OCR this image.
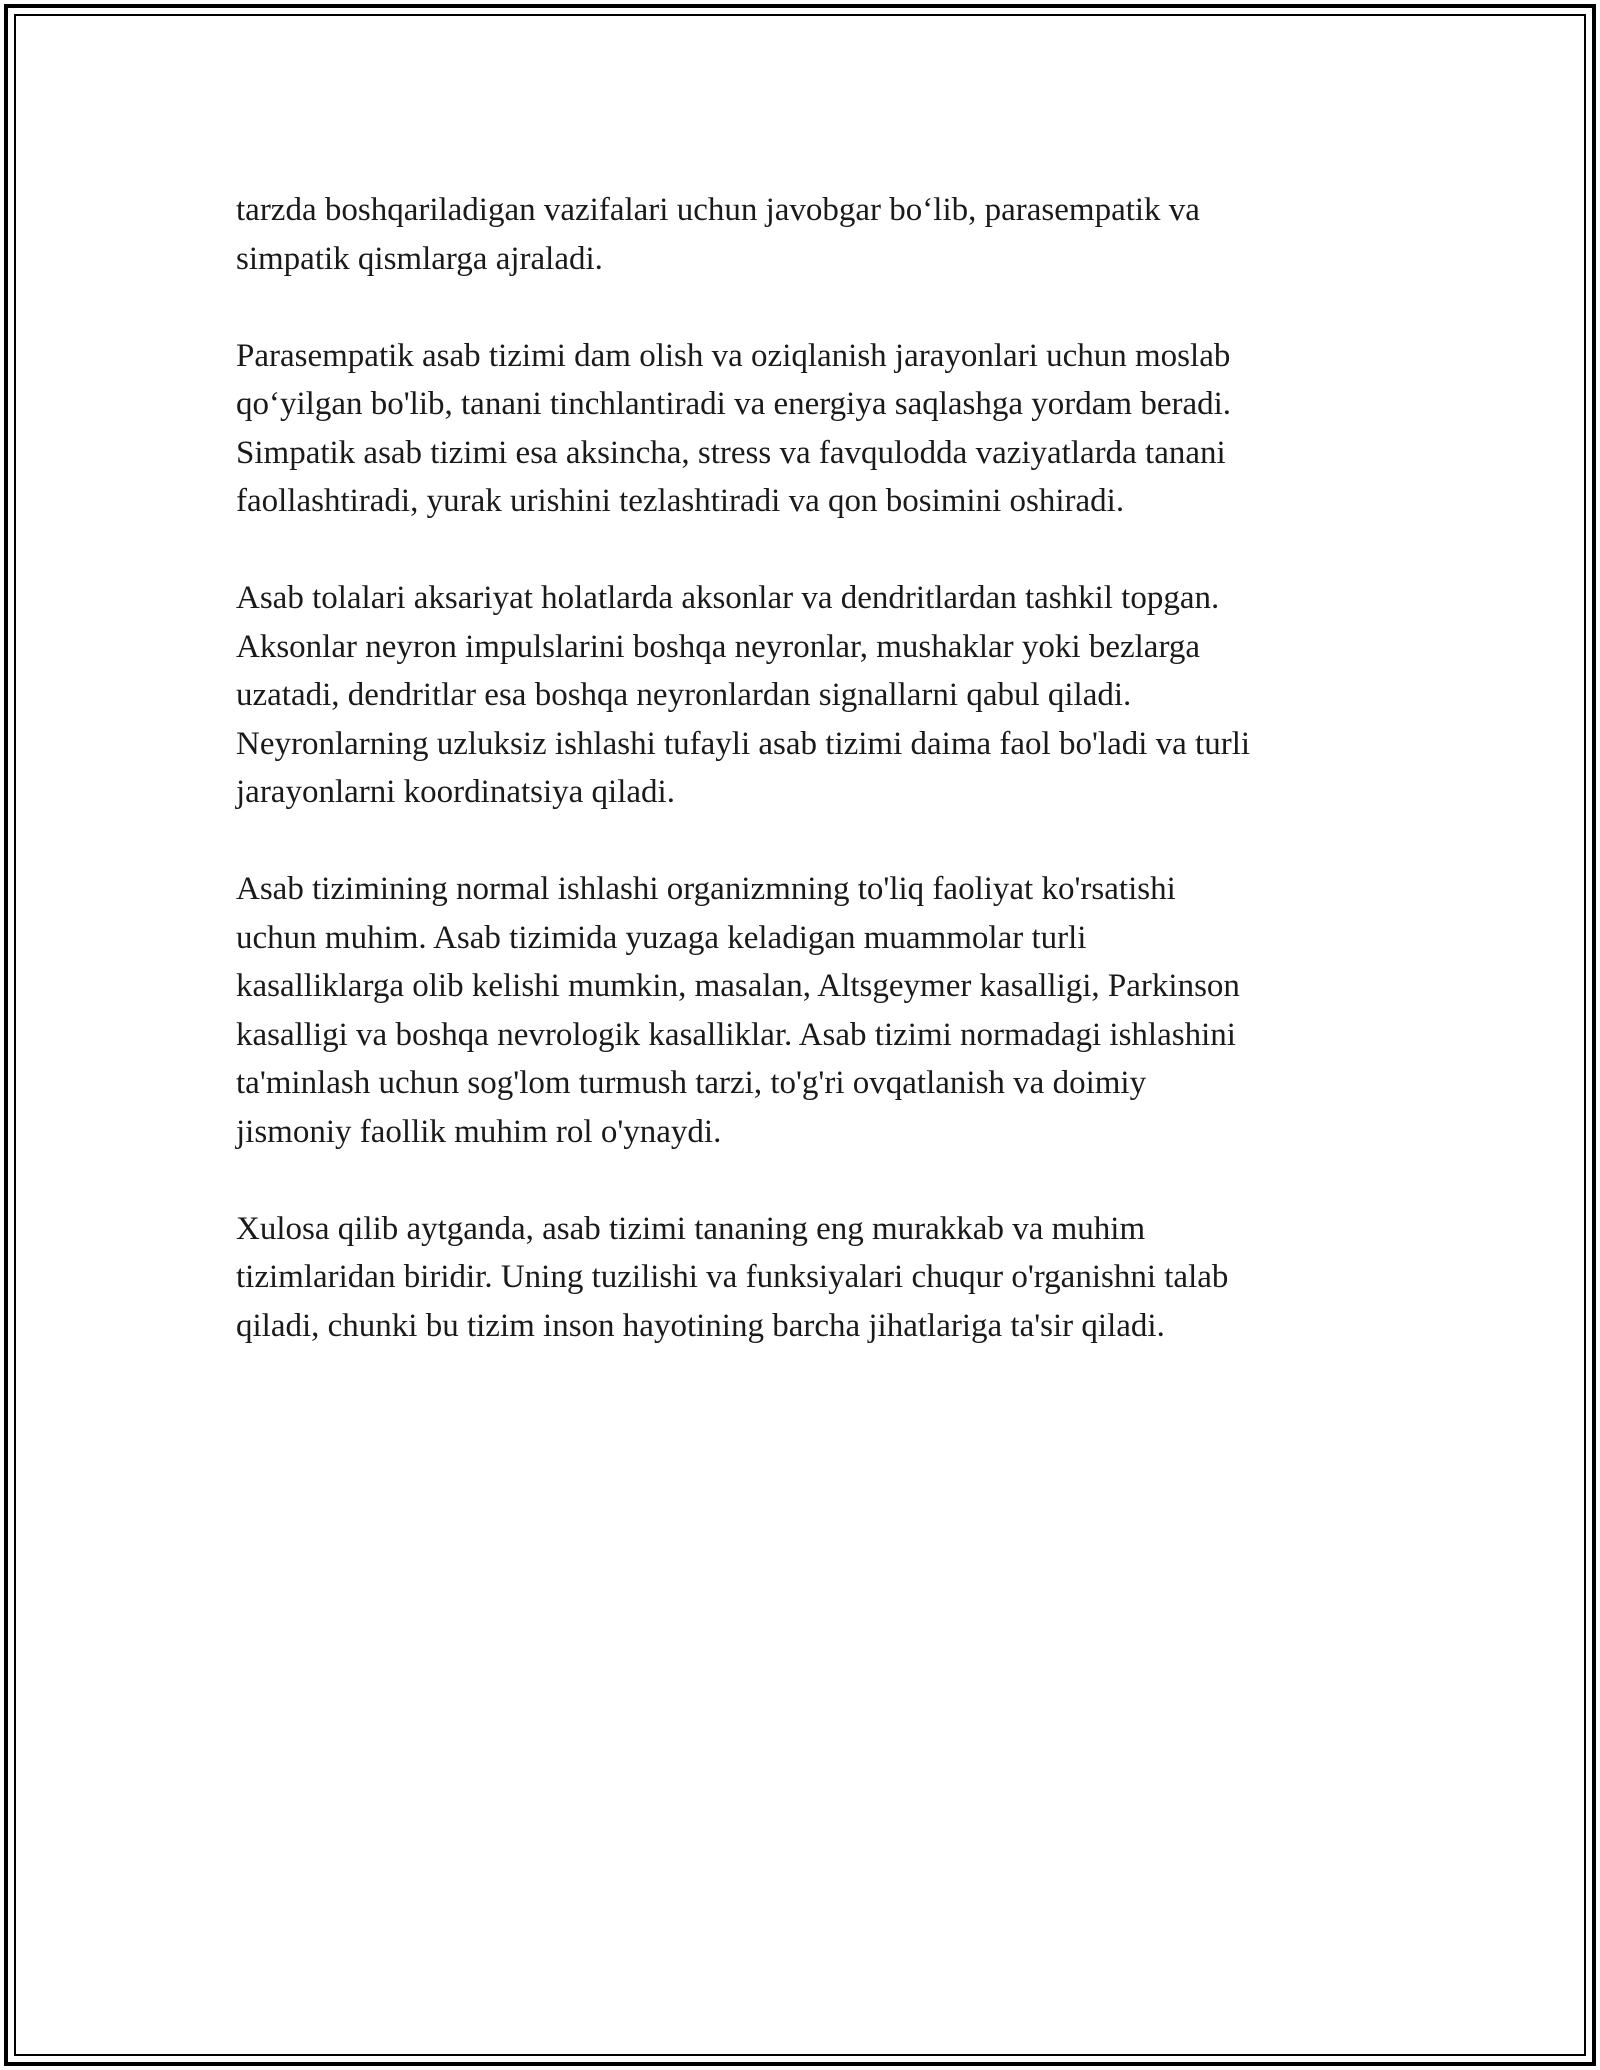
tarzda boshqariladigan vazifalari uchun javobgar bo‘lib, parasempatik va
simpatik qismlarga ajraladi.

Parasempatik asab tizimi dam olish va oziqlanish jarayonlari uchun moslab
qo‘yilgan bo'lib, tanani tinchlantiradi va energiya saqlashga yordam beradi.
Simpatik asab tizimi esa aksincha, stress va favqulodda vaziyatlarda tanani
faollashtiradi, yurak urishini tezlashtiradi va qon bosimini oshiradi.

Asab tolalari aksariyat holatlarda aksonlar va dendritlardan tashkil topgan.
Aksonlar neyron impulslarini boshqa neyronlar, mushaklar yoki bezlarga
uzatadi, dendritlar esa boshqa neyronlardan signallarni qabul qiladi.
Neyronlarning uzluksiz ishlashi tufayli asab tizimi daima faol bo'ladi va turli
jarayonlarni koordinatsiya qiladi.

Asab tizimining normal ishlashi organizmning to'liq faoliyat ko'rsatishi
uchun muhim. Asab tizimida yuzaga keladigan muammolar turli
kasalliklarga olib kelishi mumkin, masalan, Altsgeymer kasalligi, Parkinson
kasalligi va boshqa nevrologik kasalliklar. Asab tizimi normadagi ishlashini
ta'minlash uchun sog'lom turmush tarzi, to'g'ri ovqatlanish va doimiy
jismoniy faollik muhim rol o'ynaydi.

Xulosa qilib aytganda, asab tizimi tananing eng murakkab va muhim
tizimlaridan biridir. Uning tuzilishi va funksiyalari chuqur o'rganishni talab
qiladi, chunki bu tizim inson hayotining barcha jihatlariga ta'sir qiladi.
